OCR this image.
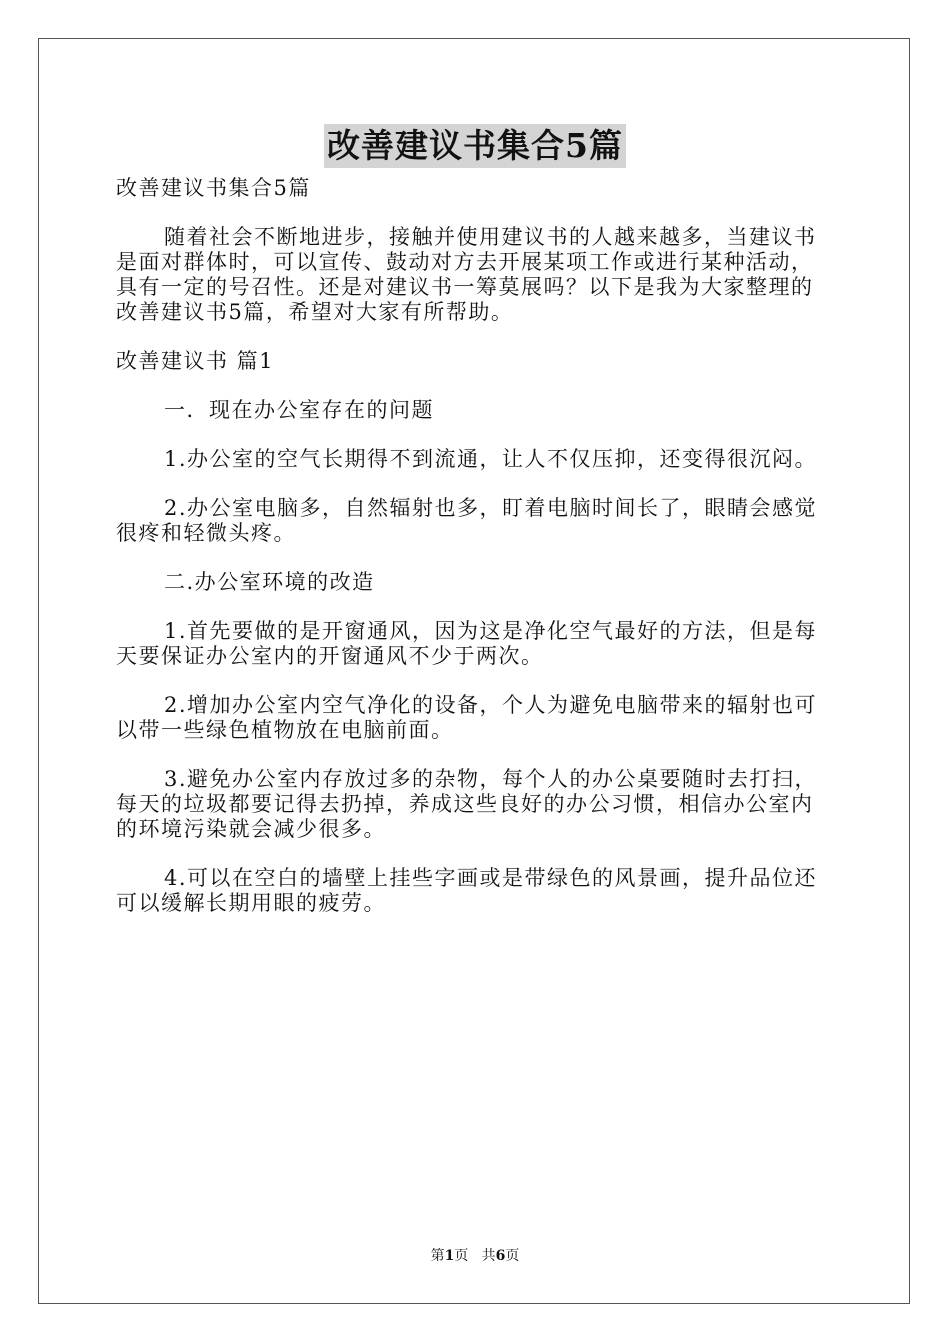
改善建议书集合5篇

改善建议书集合5篇

随着社会不断地进步，接触并使用建议书的人越来越多，当建议书是面对群体时，可以宣传、鼓动对方去开展某项工作或进行某种活动，具有一定的号召性。还是对建议书一筹莫展吗？以下是我为大家整理的改善建议书5篇，希望对大家有所帮助。

改善建议书 篇1

一．现在办公室存在的问题

1.办公室的空气长期得不到流通，让人不仅压抑，还变得很沉闷。

2.办公室电脑多，自然辐射也多，盯着电脑时间长了，眼睛会感觉很疼和轻微头疼。

二.办公室环境的改造

1.首先要做的是开窗通风，因为这是净化空气最好的方法，但是每天要保证办公室内的开窗通风不少于两次。

2.增加办公室内空气净化的设备，个人为避免电脑带来的辐射也可以带一些绿色植物放在电脑前面。

3.避免办公室内存放过多的杂物，每个人的办公桌要随时去打扫，每天的垃圾都要记得去扔掉，养成这些良好的办公习惯，相信办公室内的环境污染就会减少很多。

4.可以在空白的墙壁上挂些字画或是带绿色的风景画，提升品位还可以缓解长期用眼的疲劳。

第1页 共6页
